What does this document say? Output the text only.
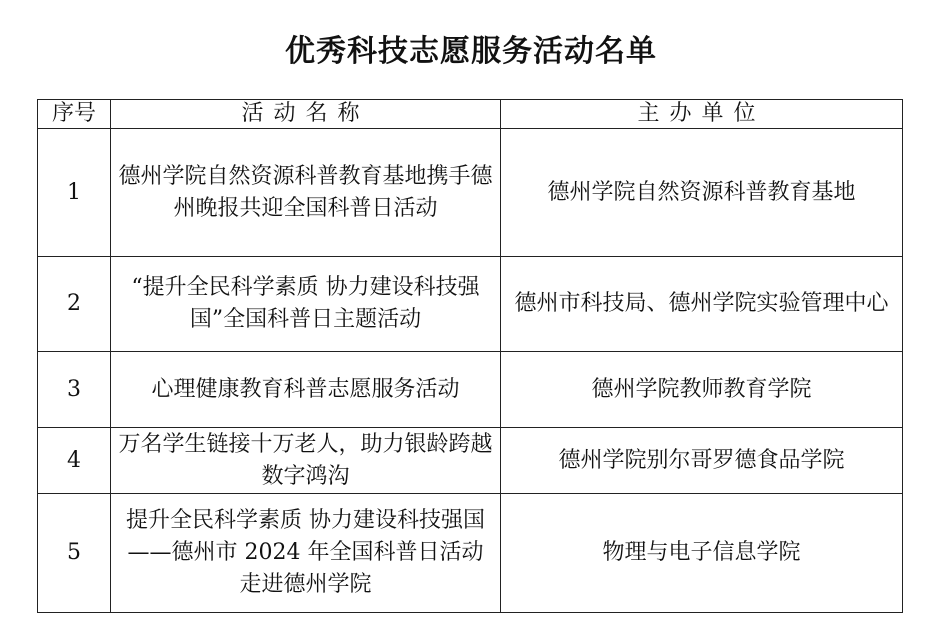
优秀科技志愿服务活动名单
序号	活动名称	主办单位
1	德州学院自然资源科普教育基地携手德州晚报共迎全国科普日活动	德州学院自然资源科普教育基地
2	“提升全民科学素质 协力建设科技强国”全国科普日主题活动	德州市科技局、德州学院实验管理中心
3	心理健康教育科普志愿服务活动	德州学院教师教育学院
4	万名学生链接十万老人，助力银龄跨越数字鸿沟	德州学院别尔哥罗德食品学院
5	提升全民科学素质 协力建设科技强国——德州市 2024 年全国科普日活动走进德州学院	物理与电子信息学院
